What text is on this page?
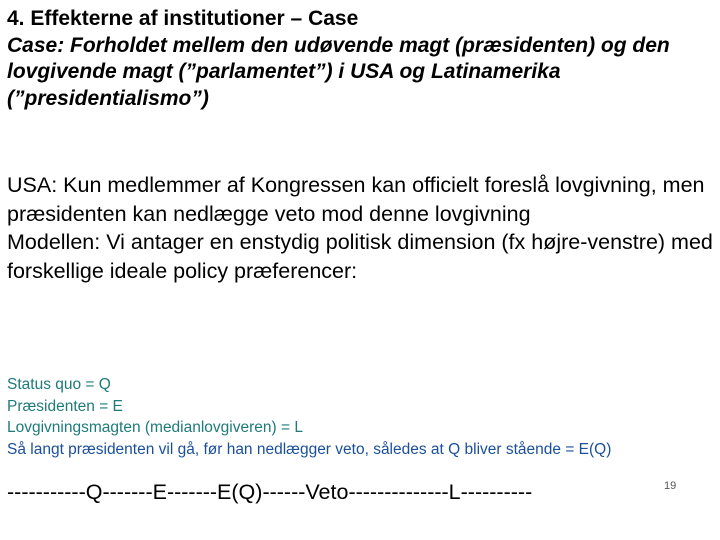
4. Effekterne af institutioner – Case
Case: Forholdet mellem den udøvende magt (præsidenten) og den lovgivende magt (”parlamentet”) i USA og Latinamerika (”presidentialismo”)

USA: Kun medlemmer af Kongressen kan officielt foreslå lovgivning, men præsidenten kan nedlægge veto mod denne lovgivning

Modellen: Vi antager en enstydig politisk dimension (fx højre-venstre) med forskellige ideale policy præferencer:

Status quo = Q
Præsidenten = E
Lovgivningsmagten (medianlovgiveren) = L
Så langt præsidenten vil gå, før han nedlægger veto, således at Q bliver stående = E(Q)
-----------Q-------E-------E(Q)------Veto--------------L----------	19
